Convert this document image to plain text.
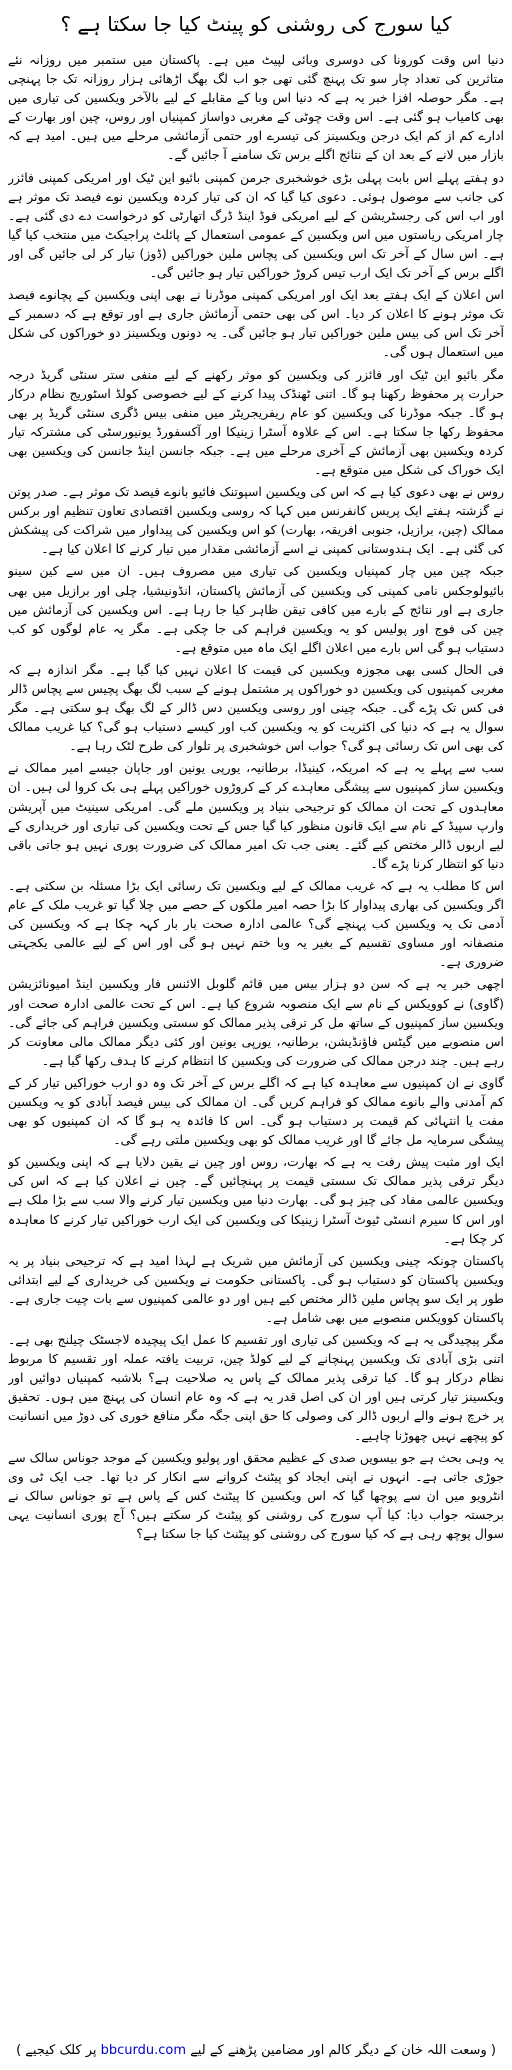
کیا سورج کی روشنی کو پینٹ کیا جا سکتا ہے ؟

دنیا اس وقت کورونا کی دوسری وبائی لپیٹ میں ہے۔ پاکستان میں ستمبر میں روزانہ نئے متاثرین کی تعداد چار سو تک پہنچ گئی تھی جو اب لگ بھگ اڑھائی ہزار روزانہ تک جا پہنچی ہے۔ مگر حوصلہ افزا خبر یہ ہے کہ دنیا اس وبا کے مقابلے کے لیے بالآخر ویکسین کی تیاری میں بھی کامیاب ہو گئی ہے۔ اس وقت چوٹی کے مغربی دواساز کمپنیاں اور روس، چین اور بھارت کے ادارے کم از کم ایک درجن ویکسینز کی تیسرے اور حتمی آزمائشی مرحلے میں ہیں۔ امید ہے کہ بازار میں لانے کے بعد ان کے نتائج اگلے برس تک سامنے آ جائیں گے۔

دو ہفتے پہلے اس بابت پہلی بڑی خوشخبری جرمن کمپنی بائیو این ٹیک اور امریکی کمپنی فائزر کی جانب سے موصول ہوئی۔ دعوی کیا گیا کہ ان کی تیار کردہ ویکسین نوے فیصد تک موثر ہے اور اب اس کی رجسٹریشن کے لیے امریکی فوڈ اینڈ ڈرگ اتھارٹی کو درخواست دے دی گئی ہے۔ چار امریکی ریاستوں میں اس ویکسین کے عمومی استعمال کے پائلٹ پراجیکٹ میں منتخب کیا گیا ہے۔ اس سال کے آخر تک اس ویکسین کی پچاس ملین خوراکیں (ڈوز) تیار کر لی جائیں گی اور اگلے برس کے آخر تک ایک ارب تیس کروڑ خوراکیں تیار ہو جائیں گی۔

اس اعلان کے ایک ہفتے بعد ایک اور امریکی کمپنی موڈرنا نے بھی اپنی ویکسین کے پچانوے فیصد تک موثر ہونے کا اعلان کر دیا۔ اس کی بھی حتمی آزمائش جاری ہے اور توقع ہے کہ دسمبر کے آخر تک اس کی بیس ملین خوراکیں تیار ہو جائیں گی۔ یہ دونوں ویکسینز دو خوراکوں کی شکل میں استعمال ہوں گی۔

مگر بائیو این ٹیک اور فائزر کی ویکسین کو موثر رکھنے کے لیے منفی ستر سنٹی گریڈ درجہ حرارت پر محفوظ رکھنا ہو گا۔ اتنی ٹھنڈک پیدا کرنے کے لیے خصوصی کولڈ اسٹوریج نظام درکار ہو گا۔ جبکہ موڈرنا کی ویکسین کو عام ریفریجریٹر میں منفی بیس ڈگری سنٹی گریڈ پر بھی محفوظ رکھا جا سکتا ہے۔ اس کے علاوہ آسٹرا زینیکا اور آکسفورڈ یونیورسٹی کی مشترکہ تیار کردہ ویکسین بھی آزمائش کے آخری مرحلے میں ہے۔ جبکہ جانسن اینڈ جانسن کی ویکسین بھی ایک خوراک کی شکل میں متوقع ہے۔

روس نے بھی دعوی کیا ہے کہ اس کی ویکسین اسپوتنک فائیو بانوے فیصد تک موثر ہے۔ صدر پوتن نے گزشتہ ہفتے ایک پریس کانفرنس میں کہا کہ روسی ویکسین اقتصادی تعاون تنظیم اور برکس ممالک (چین، برازیل، جنوبی افریقہ، بھارت) کو اس ویکسین کی پیداوار میں شراکت کی پیشکش کی گئی ہے۔ ایک ہندوستانی کمپنی نے اسے آزمائشی مقدار میں تیار کرنے کا اعلان کیا ہے۔

جبکہ چین میں چار کمپنیاں ویکسین کی تیاری میں مصروف ہیں۔ ان میں سے کین سینو بائیولوجکس نامی کمپنی کی ویکسین کی آزمائش پاکستان، انڈونیشیا، چلی اور برازیل میں بھی جاری ہے اور نتائج کے بارے میں کافی تیقن ظاہر کیا جا رہا ہے۔ اس ویکسین کی آزمائش میں چین کی فوج اور پولیس کو یہ ویکسین فراہم کی جا چکی ہے۔ مگر یہ عام لوگوں کو کب دستیاب ہو گی اس بارے میں اعلان اگلے ایک ماہ میں متوقع ہے۔

فی الحال کسی بھی مجوزہ ویکسین کی قیمت کا اعلان نہیں کیا گیا ہے۔ مگر اندازہ ہے کہ مغربی کمپنیوں کی ویکسین دو خوراکوں پر مشتمل ہونے کے سبب لگ بھگ پچیس سے پچاس ڈالر فی کس تک پڑے گی۔ جبکہ چینی اور روسی ویکسین دس ڈالر کے لگ بھگ ہو سکتی ہے۔ مگر سوال یہ ہے کہ دنیا کی اکثریت کو یہ ویکسین کب اور کیسے دستیاب ہو گی؟ کیا غریب ممالک کی بھی اس تک رسائی ہو گی؟ جواب اس خوشخبری پر تلوار کی طرح لٹک رہا ہے۔

سب سے پہلے یہ ہے کہ امریکہ، کینیڈا، برطانیہ، یورپی یونین اور جاپان جیسے امیر ممالک نے ویکسین ساز کمپنیوں سے پیشگی معاہدے کر کے کروڑوں خوراکیں پہلے ہی بک کروا لی ہیں۔ ان معاہدوں کے تحت ان ممالک کو ترجیحی بنیاد پر ویکسین ملے گی۔ امریکی سینیٹ میں آپریشن وارپ سپیڈ کے نام سے ایک قانون منظور کیا گیا جس کے تحت ویکسین کی تیاری اور خریداری کے لیے اربوں ڈالر مختص کیے گئے۔ یعنی جب تک امیر ممالک کی ضرورت پوری نہیں ہو جاتی باقی دنیا کو انتظار کرنا پڑے گا۔

اس کا مطلب یہ ہے کہ غریب ممالک کے لیے ویکسین تک رسائی ایک بڑا مسئلہ بن سکتی ہے۔ اگر ویکسین کی بھاری پیداوار کا بڑا حصہ امیر ملکوں کے حصے میں چلا گیا تو غریب ملک کے عام آدمی تک یہ ویکسین کب پہنچے گی؟ عالمی ادارہ صحت بار بار کہہ چکا ہے کہ ویکسین کی منصفانہ اور مساوی تقسیم کے بغیر یہ وبا ختم نہیں ہو گی اور اس کے لیے عالمی یکجہتی ضروری ہے۔

اچھی خبر یہ ہے کہ سن دو ہزار بیس میں قائم گلوبل الائنس فار ویکسین اینڈ امیونائزیشن (گاوی) نے کوویکس کے نام سے ایک منصوبہ شروع کیا ہے۔ اس کے تحت عالمی ادارہ صحت اور ویکسین ساز کمپنیوں کے ساتھ مل کر ترقی پذیر ممالک کو سستی ویکسین فراہم کی جائے گی۔ اس منصوبے میں گیٹس فاؤنڈیشن، برطانیہ، یورپی یونین اور کئی دیگر ممالک مالی معاونت کر رہے ہیں۔ چند درجن ممالک کی ضرورت کی ویکسین کا انتظام کرنے کا ہدف رکھا گیا ہے۔

گاوی نے ان کمپنیوں سے معاہدہ کیا ہے کہ اگلے برس کے آخر تک وہ دو ارب خوراکیں تیار کر کے کم آمدنی والے بانوے ممالک کو فراہم کریں گی۔ ان ممالک کی بیس فیصد آبادی کو یہ ویکسین مفت یا انتہائی کم قیمت پر دستیاب ہو گی۔ اس کا فائدہ یہ ہو گا کہ ان کمپنیوں کو بھی پیشگی سرمایہ مل جائے گا اور غریب ممالک کو بھی ویکسین ملتی رہے گی۔

ایک اور مثبت پیش رفت یہ ہے کہ بھارت، روس اور چین نے یقین دلایا ہے کہ اپنی ویکسین کو دیگر ترقی پذیر ممالک تک سستی قیمت پر پہنچائیں گے۔ چین نے اعلان کیا ہے کہ اس کی ویکسین عالمی مفاد کی چیز ہو گی۔ بھارت دنیا میں ویکسین تیار کرنے والا سب سے بڑا ملک ہے اور اس کا سیرم انسٹی ٹیوٹ آسٹرا زینیکا کی ویکسین کی ایک ارب خوراکیں تیار کرنے کا معاہدہ کر چکا ہے۔

پاکستان چونکہ چینی ویکسین کی آزمائش میں شریک ہے لہذا امید ہے کہ ترجیحی بنیاد پر یہ ویکسین پاکستان کو دستیاب ہو گی۔ پاکستانی حکومت نے ویکسین کی خریداری کے لیے ابتدائی طور پر ایک سو پچاس ملین ڈالر مختص کیے ہیں اور دو عالمی کمپنیوں سے بات چیت جاری ہے۔ پاکستان کوویکس منصوبے میں بھی شامل ہے۔

مگر پیچیدگی یہ ہے کہ ویکسین کی تیاری اور تقسیم کا عمل ایک پیچیدہ لاجسٹک چیلنج بھی ہے۔ اتنی بڑی آبادی تک ویکسین پہنچانے کے لیے کولڈ چین، تربیت یافتہ عملہ اور تقسیم کا مربوط نظام درکار ہو گا۔ کیا ترقی پذیر ممالک کے پاس یہ صلاحیت ہے؟ بلاشبہ کمپنیاں دوائیں اور ویکسینز تیار کرتی ہیں اور ان کی اصل قدر یہ ہے کہ وہ عام انسان کی پہنچ میں ہوں۔ تحقیق پر خرچ ہونے والے اربوں ڈالر کی وصولی کا حق اپنی جگہ مگر منافع خوری کی دوڑ میں انسانیت کو پیچھے نہیں چھوڑنا چاہیے۔

یہ وہی بحث ہے جو بیسویں صدی کے عظیم محقق اور پولیو ویکسین کے موجد جوناس سالک سے جوڑی جاتی ہے۔ انہوں نے اپنی ایجاد کو پیٹنٹ کروانے سے انکار کر دیا تھا۔ جب ایک ٹی وی انٹرویو میں ان سے پوچھا گیا کہ اس ویکسین کا پیٹنٹ کس کے پاس ہے تو جوناس سالک نے برجستہ جواب دیا: کیا آپ سورج کی روشنی کو پیٹنٹ کر سکتے ہیں؟ آج پوری انسانیت یہی سوال پوچھ رہی ہے کہ کیا سورج کی روشنی کو پیٹنٹ کیا جا سکتا ہے؟

( وسعت اللہ خان کے دیگر کالم اور مضامین پڑھنے کے لیے bbcurdu.com پر کلک کیجیے )
